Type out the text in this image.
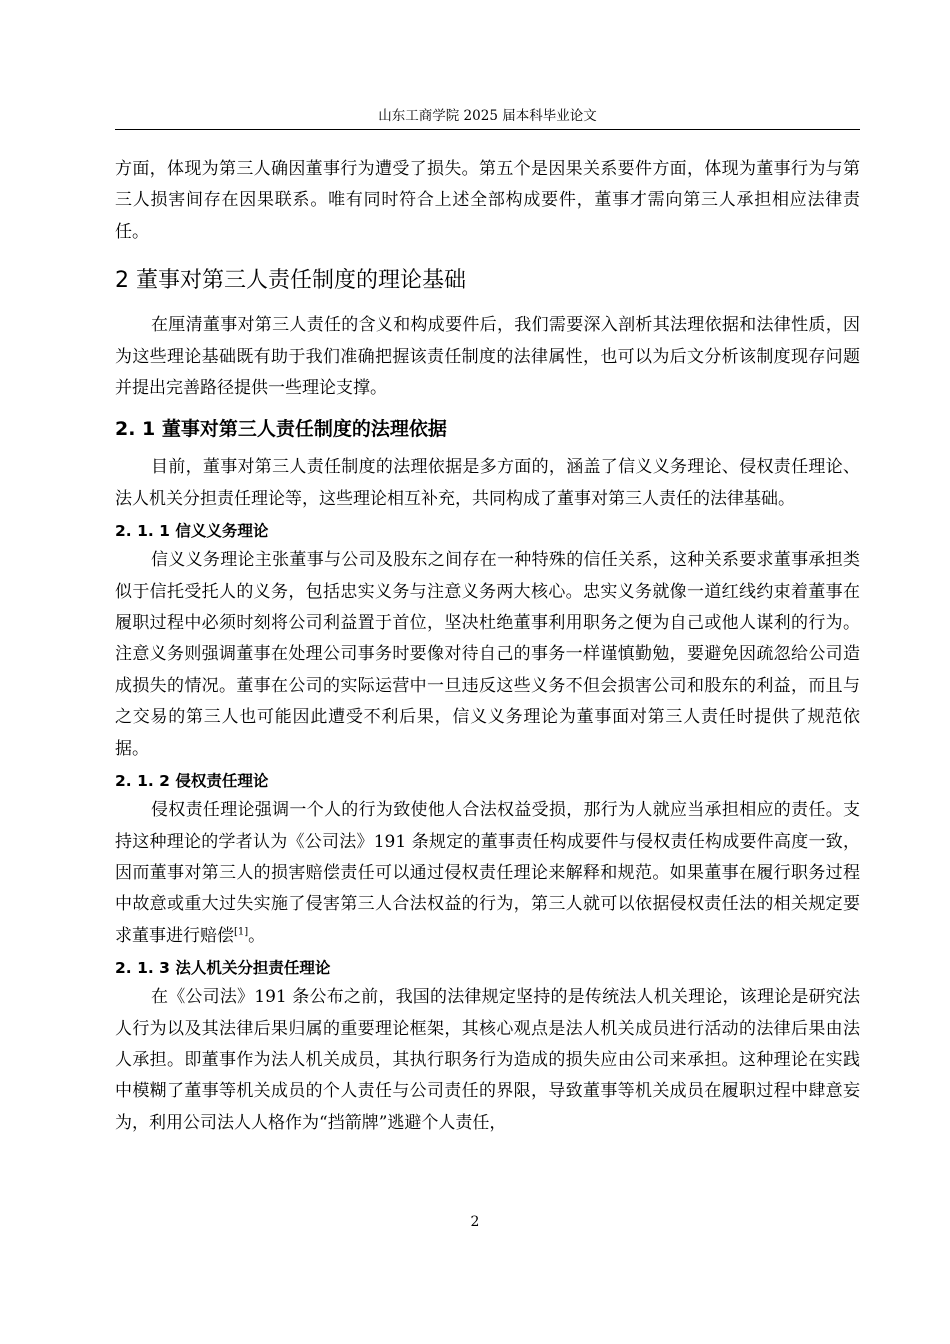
山东工商学院 2025 届本科毕业论文

方面，体现为第三人确因董事行为遭受了损失。第五个是因果关系要件方面，体现为董事行为与第三人损害间存在因果联系。唯有同时符合上述全部构成要件，董事才需向第三人承担相应法律责任。

2 董事对第三人责任制度的理论基础

在厘清董事对第三人责任的含义和构成要件后，我们需要深入剖析其法理依据和法律性质，因为这些理论基础既有助于我们准确把握该责任制度的法律属性，也可以为后文分析该制度现存问题并提出完善路径提供一些理论支撑。

2. 1 董事对第三人责任制度的法理依据

目前，董事对第三人责任制度的法理依据是多方面的，涵盖了信义义务理论、侵权责任理论、法人机关分担责任理论等，这些理论相互补充，共同构成了董事对第三人责任的法律基础。

2. 1. 1 信义义务理论

信义义务理论主张董事与公司及股东之间存在一种特殊的信任关系，这种关系要求董事承担类似于信托受托人的义务，包括忠实义务与注意义务两大核心。忠实义务就像一道红线约束着董事在履职过程中必须时刻将公司利益置于首位，坚决杜绝董事利用职务之便为自己或他人谋利的行为。注意义务则强调董事在处理公司事务时要像对待自己的事务一样谨慎勤勉，要避免因疏忽给公司造成损失的情况。董事在公司的实际运营中一旦违反这些义务不但会损害公司和股东的利益，而且与之交易的第三人也可能因此遭受不利后果，信义义务理论为董事面对第三人责任时提供了规范依据。

2. 1. 2 侵权责任理论

侵权责任理论强调一个人的行为致使他人合法权益受损，那行为人就应当承担相应的责任。支持这种理论的学者认为《公司法》191 条规定的董事责任构成要件与侵权责任构成要件高度一致，因而董事对第三人的损害赔偿责任可以通过侵权责任理论来解释和规范。如果董事在履行职务过程中故意或重大过失实施了侵害第三人合法权益的行为，第三人就可以依据侵权责任法的相关规定要求董事进行赔偿[1]。

2. 1. 3 法人机关分担责任理论

在《公司法》191 条公布之前，我国的法律规定坚持的是传统法人机关理论，该理论是研究法人行为以及其法律后果归属的重要理论框架，其核心观点是法人机关成员进行活动的法律后果由法人承担。即董事作为法人机关成员，其执行职务行为造成的损失应由公司来承担。这种理论在实践中模糊了董事等机关成员的个人责任与公司责任的界限，导致董事等机关成员在履职过程中肆意妄为，利用公司法人人格作为“挡箭牌”逃避个人责任，

2
